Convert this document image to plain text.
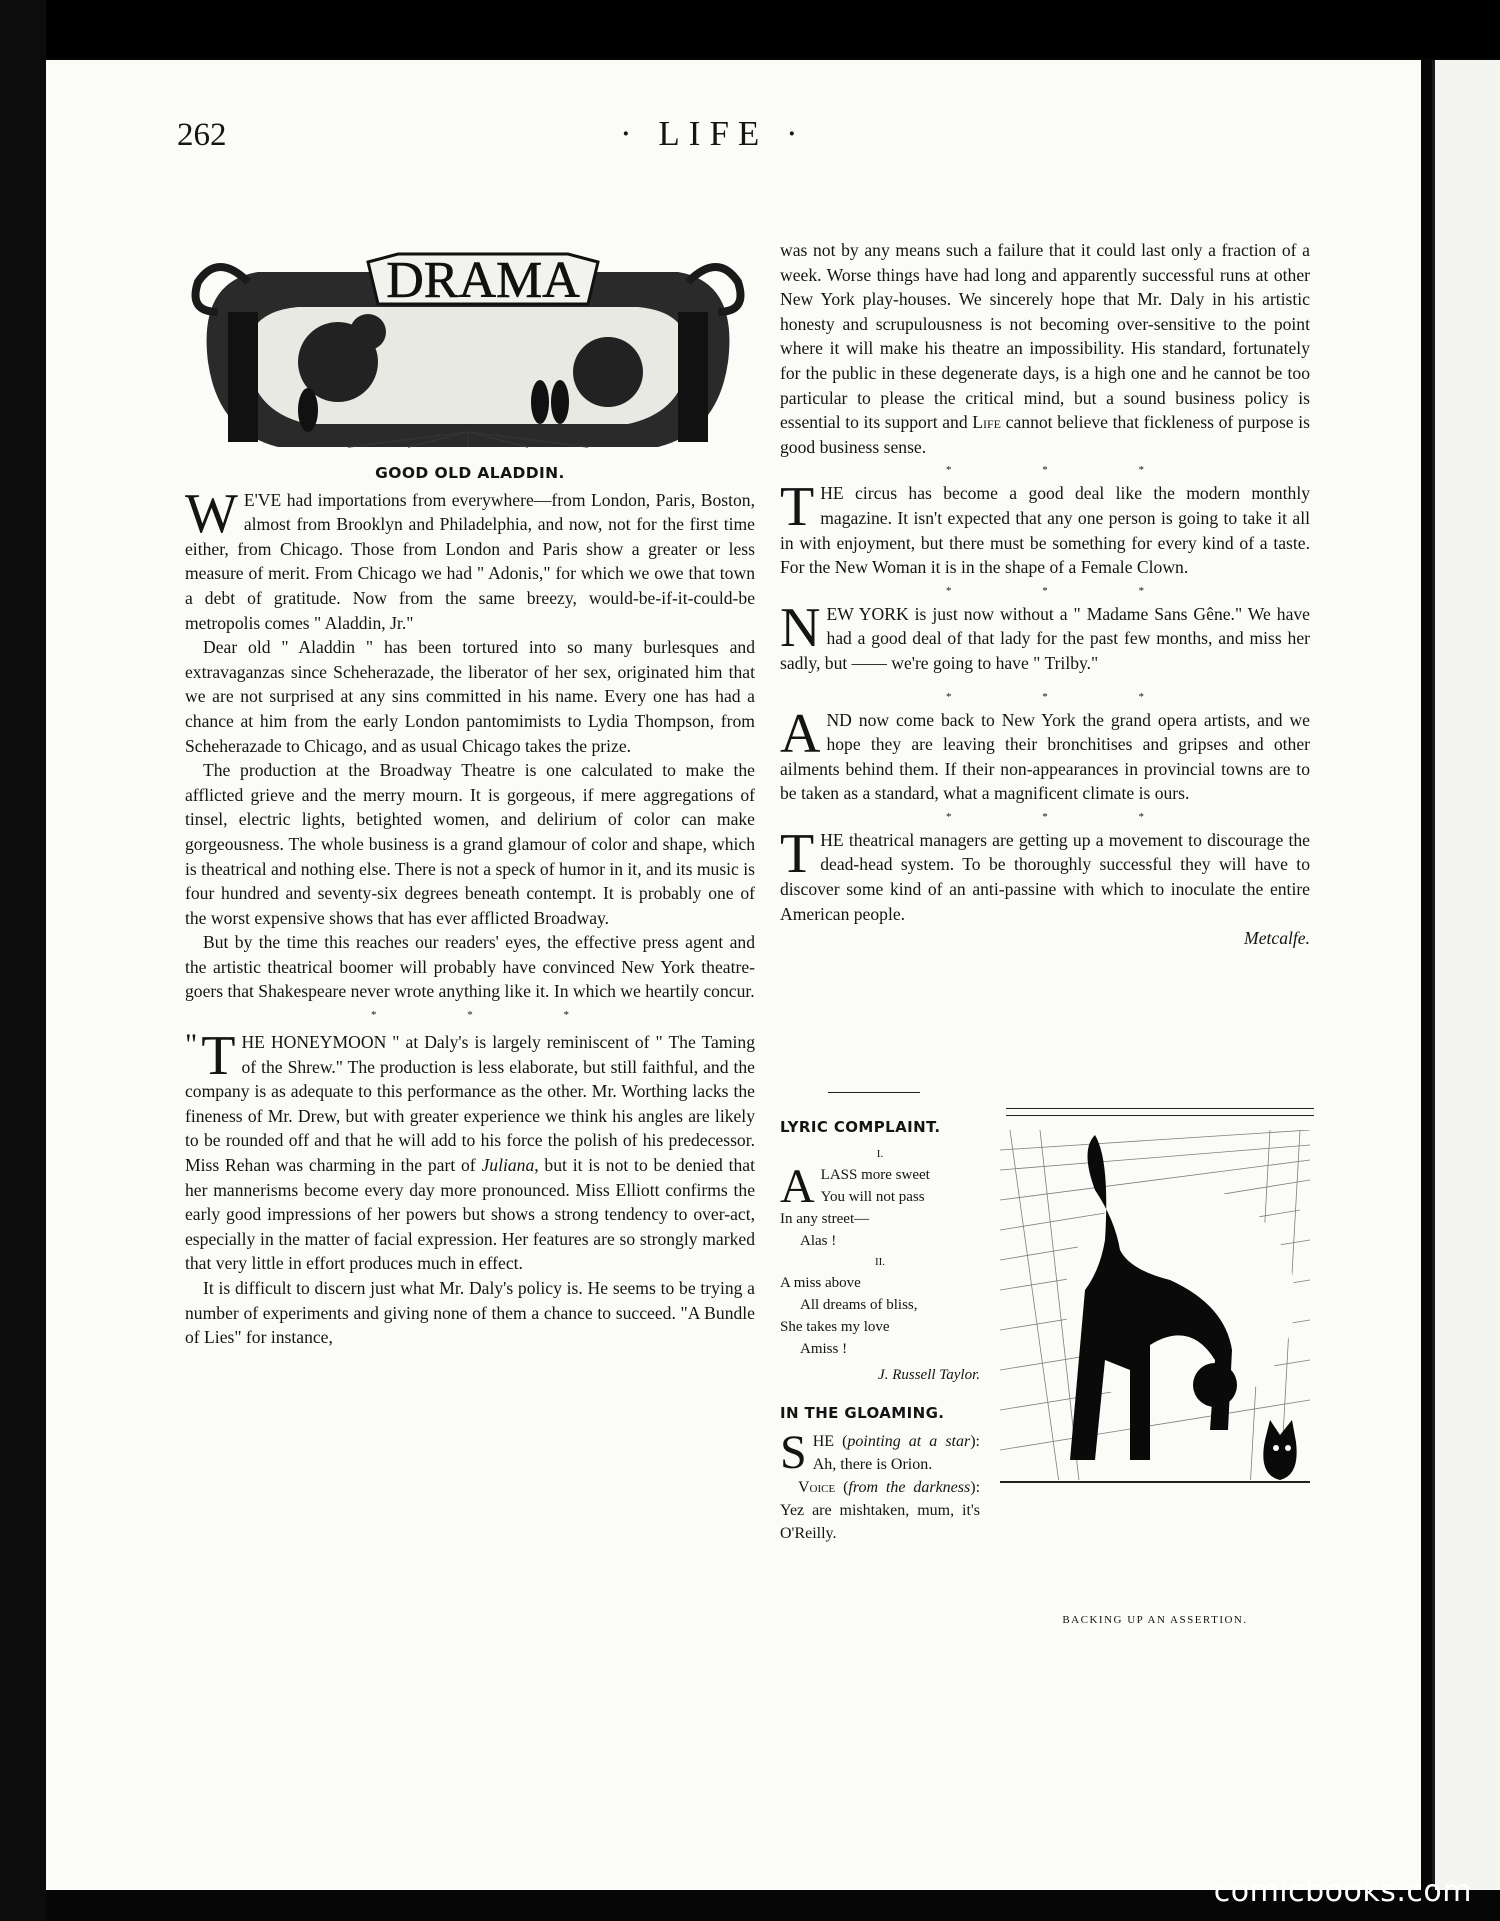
262	· LIFE ·
DRAMA
GOOD OLD ALADDIN.

W E'VE had importations from everywhere—from London, Paris, Boston, almost from Brooklyn and Philadelphia, and now, not for the first time either, from Chicago. Those from London and Paris show a greater or less measure of merit. From Chicago we had " Adonis," for which we owe that town a debt of gratitude. Now from the same breezy, would-be-if-it-could-be metropolis comes " Aladdin, Jr."

Dear old " Aladdin " has been tortured into so many burlesques and extravaganzas since Scheherazade, the liberator of her sex, originated him that we are not surprised at any sins committed in his name. Every one has had a chance at him from the early London pantomimists to Lydia Thompson, from Scheherazade to Chicago, and as usual Chicago takes the prize.

The production at the Broadway Theatre is one calculated to make the afflicted grieve and the merry mourn. It is gorgeous, if mere aggregations of tinsel, electric lights, betighted women, and delirium of color can make gorgeousness. The whole business is a grand glamour of color and shape, which is theatrical and nothing else. There is not a speck of humor in it, and its music is four hundred and seventy-six degrees beneath contempt. It is probably one of the worst expensive shows that has ever afflicted Broadway.

But by the time this reaches our readers' eyes, the effective press agent and the artistic theatrical boomer will probably have convinced New York theatre-goers that Shakespeare never wrote anything like it. In which we heartily concur.

* * *

" T HE HONEYMOON " at Daly's is largely reminiscent of " The Taming of the Shrew." The production is less elaborate, but still faithful, and the company is as adequate to this performance as the other. Mr. Worthing lacks the fineness of Mr. Drew, but with greater experience we think his angles are likely to be rounded off and that he will add to his force the polish of his predecessor. Miss Rehan was charming in the part of Juliana, but it is not to be denied that her mannerisms become every day more pronounced. Miss Elliott confirms the early good impressions of her powers but shows a strong tendency to over-act, especially in the matter of facial expression. Her features are so strongly marked that very little in effort produces much in effect.

It is difficult to discern just what Mr. Daly's policy is. He seems to be trying a number of experiments and giving none of them a chance to succeed. "A Bundle of Lies" for instance,

was not by any means such a failure that it could last only a fraction of a week. Worse things have had long and apparently successful runs at other New York play-houses. We sincerely hope that Mr. Daly in his artistic honesty and scrupulousness is not becoming over-sensitive to the point where it will make his theatre an impossibility. His standard, fortunately for the public in these degenerate days, is a high one and he cannot be too particular to please the critical mind, but a sound business policy is essential to its support and Life cannot believe that fickleness of purpose is good business sense.

* * *

THE circus has become a good deal like the modern monthly magazine. It isn't expected that any one person is going to take it all in with enjoyment, but there must be something for every kind of a taste. For the New Woman it is in the shape of a Female Clown.

* * *

NEW YORK is just now without a " Madame Sans Gêne." We have had a good deal of that lady for the past few months, and miss her sadly, but —— we're going to have " Trilby."

* * *

AND now come back to New York the grand opera artists, and we hope they are leaving their bronchitises and gripses and other ailments behind them. If their non-appearances in provincial towns are to be taken as a standard, what a magnificent climate is ours.

* * *

THE theatrical managers are getting up a movement to discourage the dead-head system. To be thoroughly successful they will have to discover some kind of an anti-passine with which to inoculate the entire American people.

Metcalfe.
LYRIC COMPLAINT.
I.
A LASS more sweet
You will not pass
In any street—
Alas !
II.
A miss above
All dreams of bliss,
She takes my love
Amiss !
J. Russell Taylor.
IN THE GLOAMING.

SHE (pointing at a star): Ah, there is Orion.

Voice (from the darkness): Yez are mishtaken, mum, it's O'Reilly.

BACKING UP AN ASSERTION.
comicbooks.com
